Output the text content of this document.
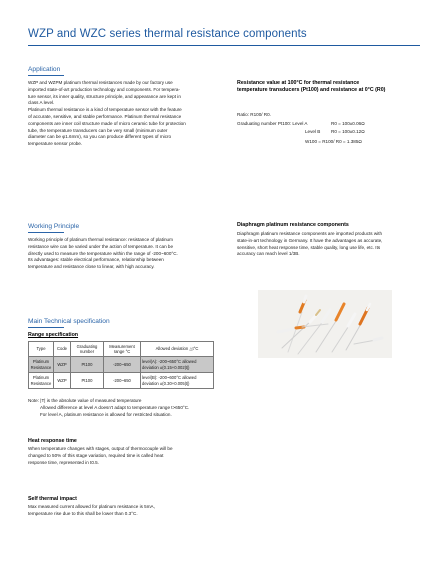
WZP and WZC series thermal resistance components
Application
WZP and WZPM platinum thermal resistances made by our factory use
imported state-of-art production technology and components. For tempera-
ture sensor, its inner quality, structure principle, and appearance are kept in
class A level.
Platinum thermal resistance is a kind of temperature sensor with the feature
of accurate, sensitive, and stable performance. Platinum thermal resistance
components are inner coil structure made of micro ceramic tube for protection
tube, the temperature transducers can be very small (minimum outer
diameter can be φ1.6mm), so you can produce different types of micro
temperature sensor probe.
Resistance value at 100°C for thermal resistance
temperature transducers (Pt100) and resistance at 0°C (R0)
Ratio: R100/ R0.
Graduating number Pt100: Level A	R0 = 100±0.06Ω
Level B R0 = 100±0.12Ω
W100 = R100/ R0 = 1.385Ω
Working Principle
Working principle of platinum thermal resistance: resistance of platinum
resistance wire can be varied under the action of temperature. It can be
directly used to measure the temperature within the range of -200~600°C.
Its advantages: stable electrical performance, relationship between
temperature and resistance close to linear, with high accuracy.
Diaphragm platinum resistance components
Diaphragm platinum resistance components are imported products with
state-in-art technology in Germany. It have the advantages as accurate,
sensitive, short heat response time, stable quality, long use life, etc. Its
accuracy can reach level 1/3B.
Main Technical specification
Range specification
Type	Code	Graduating number	Measurement range °C	Allowed deviation △t°C
Platinum Resistance	WZP	Pt100	-200~650	level(A): -200~650°C allowed deviation ±(0.15+0.002|t|)
Platinum Resistance	WZP	Pt100	-200~650	level(B): -200~600°C allowed deviation ±(0.30+0.005|t|)
Note: |T| is the absolute value of measured temperature
Allowed difference at level A doesn't adapt to temperature range t>650°C.
For level A, platinum resistance is allowed for restricted situation.
Heat response time
When temperature changes with stages, output of thermocouple will be
changed to 50% of this stage variation, required time is called heat
response time, represented in t0.5.
Self thermal impact
Max measured current allowed for platinum resistance is 5mA,
temperature rise due to this shall be lower than 0.3°C.
